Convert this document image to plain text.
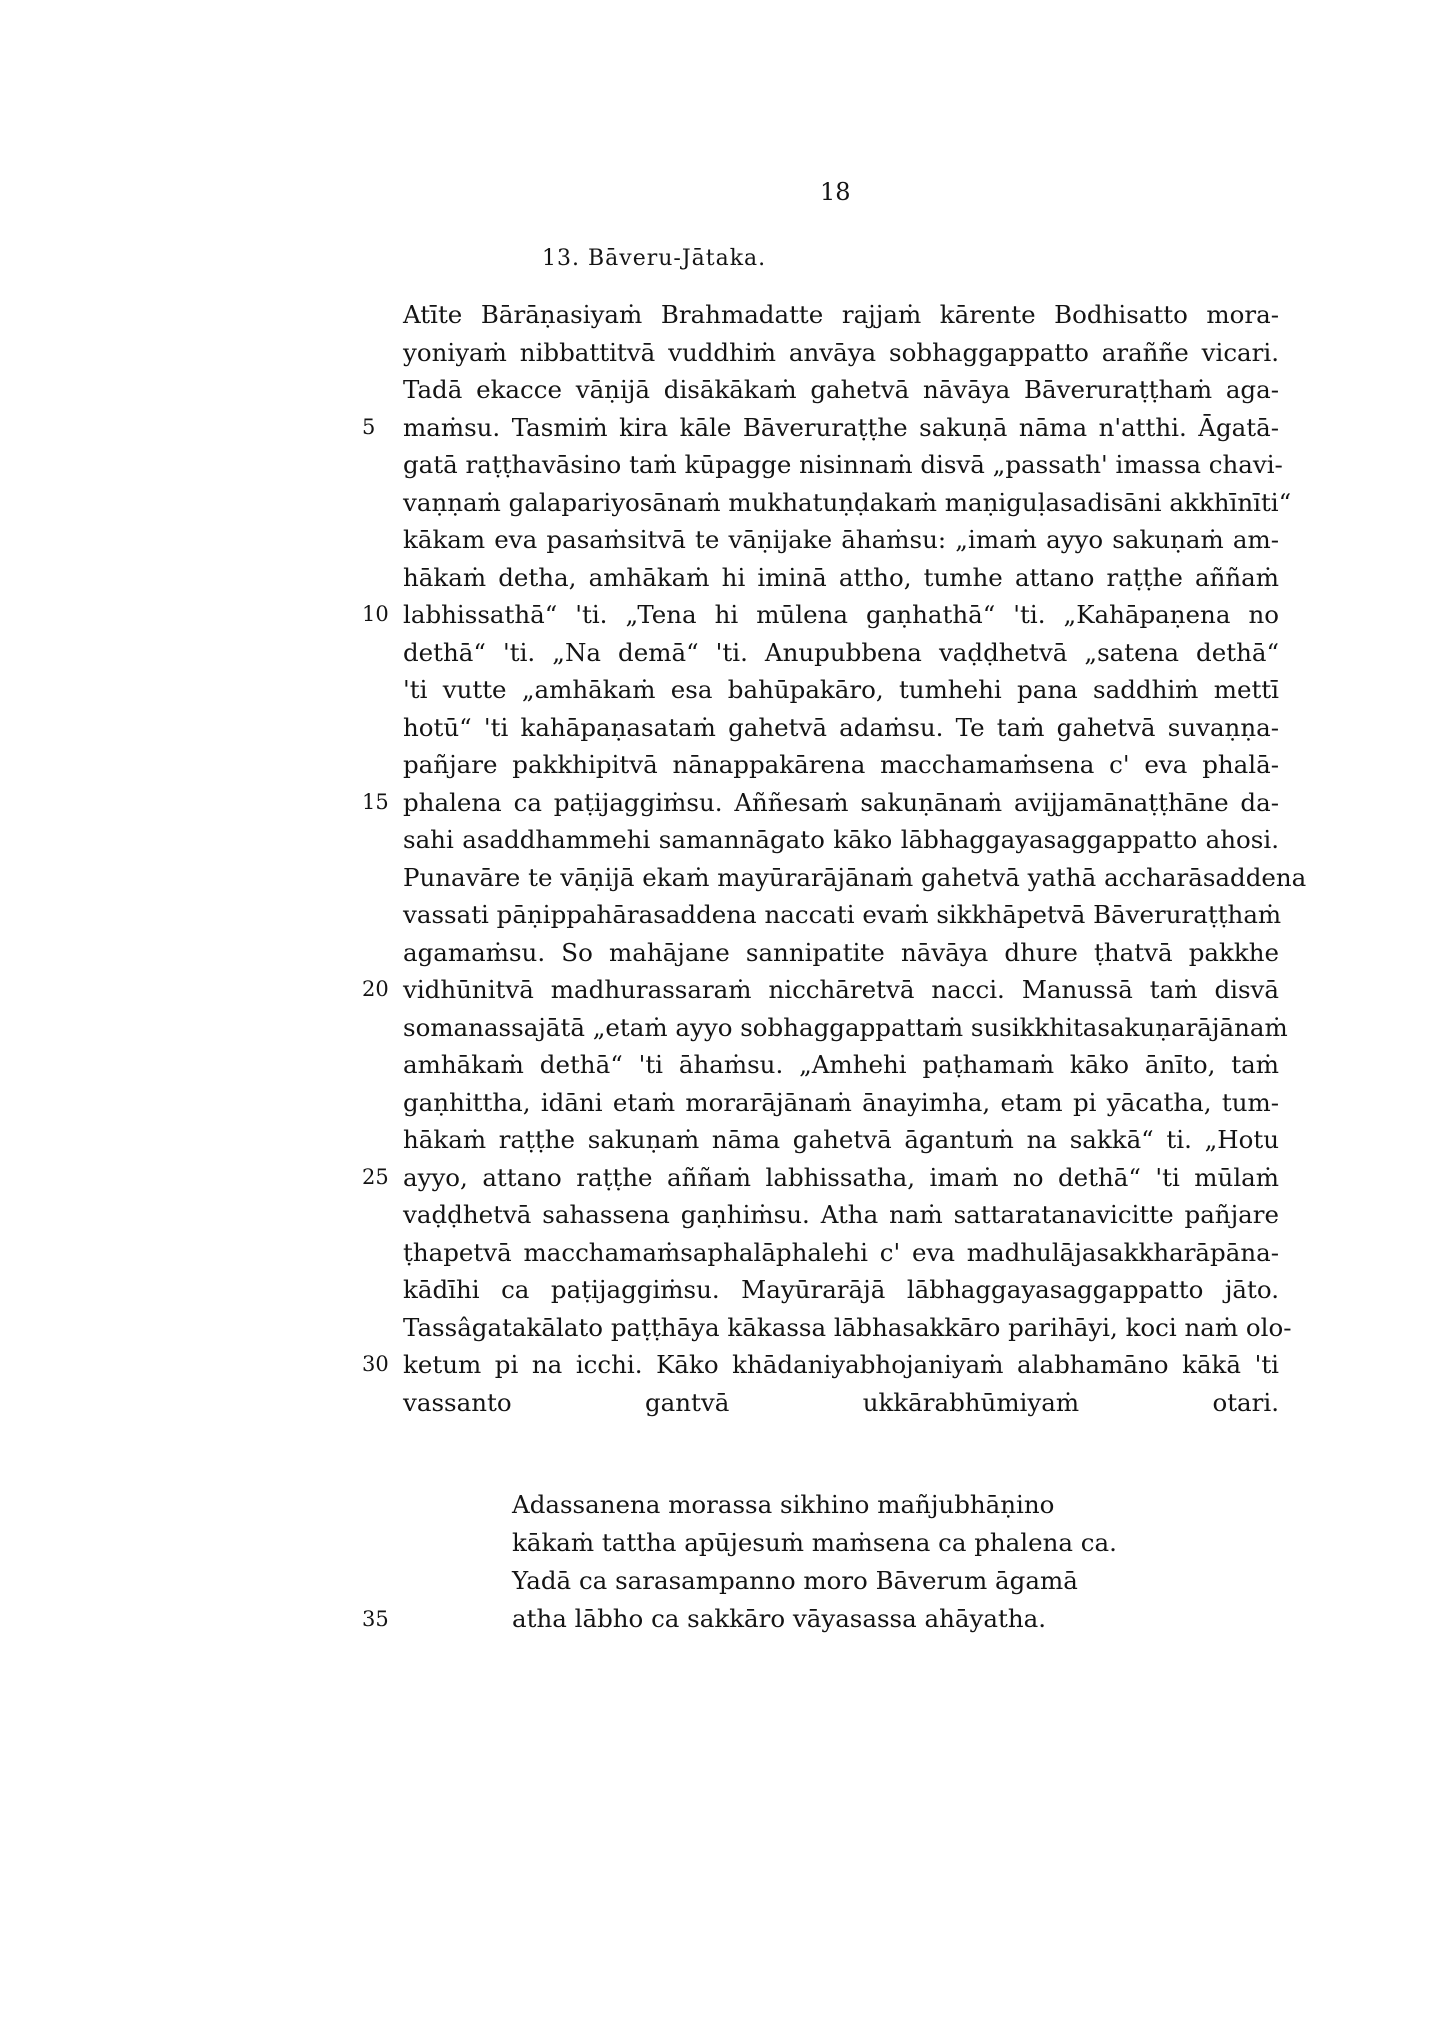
18
13. Bāveru-Jātaka.
Atīte Bārāṇasiyaṁ Brahmadatte rajjaṁ kārente Bodhisatto mora-
yoniyaṁ nibbattitvā vuddhiṁ anvāya sobhaggappatto araññe vicari.
Tadā ekacce vāṇijā disākākaṁ gahetvā nāvāya Bāveruraṭṭhaṁ aga-
5 maṁsu. Tasmiṁ kira kāle Bāveruraṭṭhe sakuṇā nāma n'atthi. Āgatā-
gatā raṭṭhavāsino taṁ kūpagge nisinnaṁ disvā „passath' imassa chavi-
vaṇṇaṁ galapariyosānaṁ mukhatuṇḍakaṁ maṇiguḷasadisāni akkhīnīti“
kākam eva pasaṁsitvā te vāṇijake āhaṁsu: „imaṁ ayyo sakuṇaṁ am-
hākaṁ detha, amhākaṁ hi iminā attho, tumhe attano raṭṭhe aññaṁ
10 labhissathā“ 'ti. „Tena hi mūlena gaṇhathā“ 'ti. „Kahāpaṇena no
dethā“ 'ti. „Na demā“ 'ti. Anupubbena vaḍḍhetvā „satena dethā“
'ti vutte „amhākaṁ esa bahūpakāro, tumhehi pana saddhiṁ mettī
hotū“ 'ti kahāpaṇasataṁ gahetvā adaṁsu. Te taṁ gahetvā suvaṇṇa-
pañjare pakkhipitvā nānappakārena macchamaṁsena c' eva phalā-
15 phalena ca paṭijaggiṁsu. Aññesaṁ sakuṇānaṁ avijjamānaṭṭhāne da-
sahi asaddhammehi samannāgato kāko lābhaggayasaggappatto ahosi.
Punavāre te vāṇijā ekaṁ mayūrarājānaṁ gahetvā yathā accharāsaddena
vassati pāṇippahārasaddena naccati evaṁ sikkhāpetvā Bāveruraṭṭhaṁ
agamaṁsu. So mahājane sannipatite nāvāya dhure ṭhatvā pakkhe
20 vidhūnitvā madhurassaraṁ nicchāretvā nacci. Manussā taṁ disvā
somanassajātā „etaṁ ayyo sobhaggappattaṁ susikkhitasakuṇarājānaṁ
amhākaṁ dethā“ 'ti āhaṁsu. „Amhehi paṭhamaṁ kāko ānīto, taṁ
gaṇhittha, idāni etaṁ morarājānaṁ ānayimha, etam pi yācatha, tum-
hākaṁ raṭṭhe sakuṇaṁ nāma gahetvā āgantuṁ na sakkā“ ti. „Hotu
25 ayyo, attano raṭṭhe aññaṁ labhissatha, imaṁ no dethā“ 'ti mūlaṁ
vaḍḍhetvā sahassena gaṇhiṁsu. Atha naṁ sattaratanavicitte pañjare
ṭhapetvā macchamaṁsaphalāphalehi c' eva madhulājasakkharāpāna-
kādīhi ca paṭijaggiṁsu. Mayūrarājā lābhaggayasaggappatto jāto.
Tassâgatakālato paṭṭhāya kākassa lābhasakkāro parihāyi, koci naṁ olo-
30 ketum pi na icchi. Kāko khādaniyabhojaniyaṁ alabhamāno kākā 'ti
vassanto gantvā ukkārabhūmiyaṁ otari.
Adassanena morassa sikhino mañjubhāṇino
kākaṁ tattha apūjesuṁ maṁsena ca phalena ca.
Yadā ca sarasampanno moro Bāverum āgamā
35	atha lābho ca sakkāro vāyasassa ahāyatha.
